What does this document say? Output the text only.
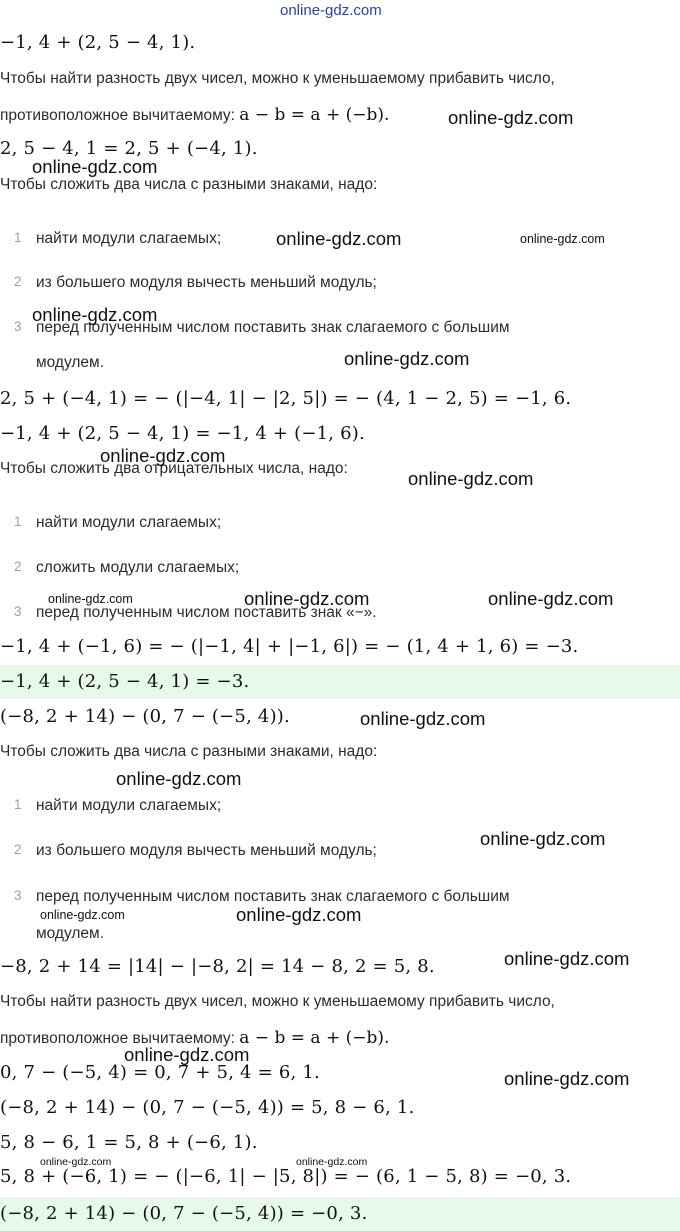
online-gdz.com
−1, 4 + (2, 5 − 4, 1).
Чтобы найти разность двух чисел, можно к уменьшаемому прибавить число,
противоположное вычитаемому: a − b = a + (−b).
2, 5 − 4, 1 = 2, 5 + (−4, 1).
Чтобы сложить два числа с разными знаками, надо:
1 найти модули слагаемых;
2 из большего модуля вычесть меньший модуль;
3 перед полученным числом поставить знак слагаемого с большим
модулем.
2, 5 + (−4, 1) = − (|−4, 1| − |2, 5|) = − (4, 1 − 2, 5) = −1, 6.
−1, 4 + (2, 5 − 4, 1) = −1, 4 + (−1, 6).
Чтобы сложить два отрицательных числа, надо:
1 найти модули слагаемых;
2 сложить модули слагаемых;
3 перед полученным числом поставить знак «−».
−1, 4 + (−1, 6) = − (|−1, 4| + |−1, 6|) = − (1, 4 + 1, 6) = −3.
−1, 4 + (2, 5 − 4, 1) = −3.
(−8, 2 + 14) − (0, 7 − (−5, 4)).
Чтобы сложить два числа с разными знаками, надо:
1 найти модули слагаемых;
2 из большего модуля вычесть меньший модуль;
3 перед полученным числом поставить знак слагаемого с большим
модулем.
−8, 2 + 14 = |14| − |−8, 2| = 14 − 8, 2 = 5, 8.
Чтобы найти разность двух чисел, можно к уменьшаемому прибавить число,
противоположное вычитаемому: a − b = a + (−b).
0, 7 − (−5, 4) = 0, 7 + 5, 4 = 6, 1.
(−8, 2 + 14) − (0, 7 − (−5, 4)) = 5, 8 − 6, 1.
5, 8 − 6, 1 = 5, 8 + (−6, 1).
5, 8 + (−6, 1) = − (|−6, 1| − |5, 8|) = − (6, 1 − 5, 8) = −0, 3.
(−8, 2 + 14) − (0, 7 − (−5, 4)) = −0, 3.
online-gdz.com
online-gdz.com
online-gdz.com	online-gdz.com
online-gdz.com
online-gdz.com
online-gdz.com
online-gdz.com
online-gdz.com	online-gdz.com	online-gdz.com
online-gdz.com
online-gdz.com
online-gdz.com
online-gdz.com	online-gdz.com
online-gdz.com
online-gdz.com
online-gdz.com
online-gdz.com	online-gdz.com
